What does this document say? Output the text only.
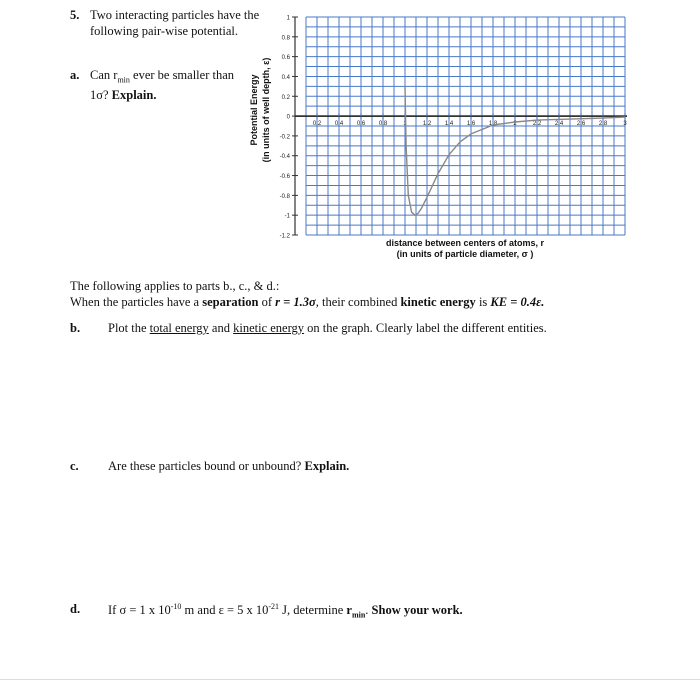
5. Two interacting particles have the following pair-wise potential.
a. Can $r_{min}$ ever be smaller than 1σ? Explain.	Potential Energy (in units of well depth, ε)
1
0.8
0.6
0.4
0.2
0
-0.2
-0.4
-0.6
-0.8
-1
-1.2
0.2 0.4 0.6 0.8	1	1.2 1.4 1.6 1.8	2	2.2 2.4 2.6 2.8	3
distance between centers of atoms, r
(in units of particle diameter, σ )
The following applies to parts b., c., & d.:
When the particles have a separation of r = 1.3σ, their combined kinetic energy is KE = 0.4ε.
b. Plot the total energy and kinetic energy on the graph. Clearly label the different entities.
c. Are these particles bound or unbound? Explain.
d. If σ = 1 x $10^{-10}$ m and ε = 5 x $10^{-21}$ J, determine $r_{min}$. Show your work.
